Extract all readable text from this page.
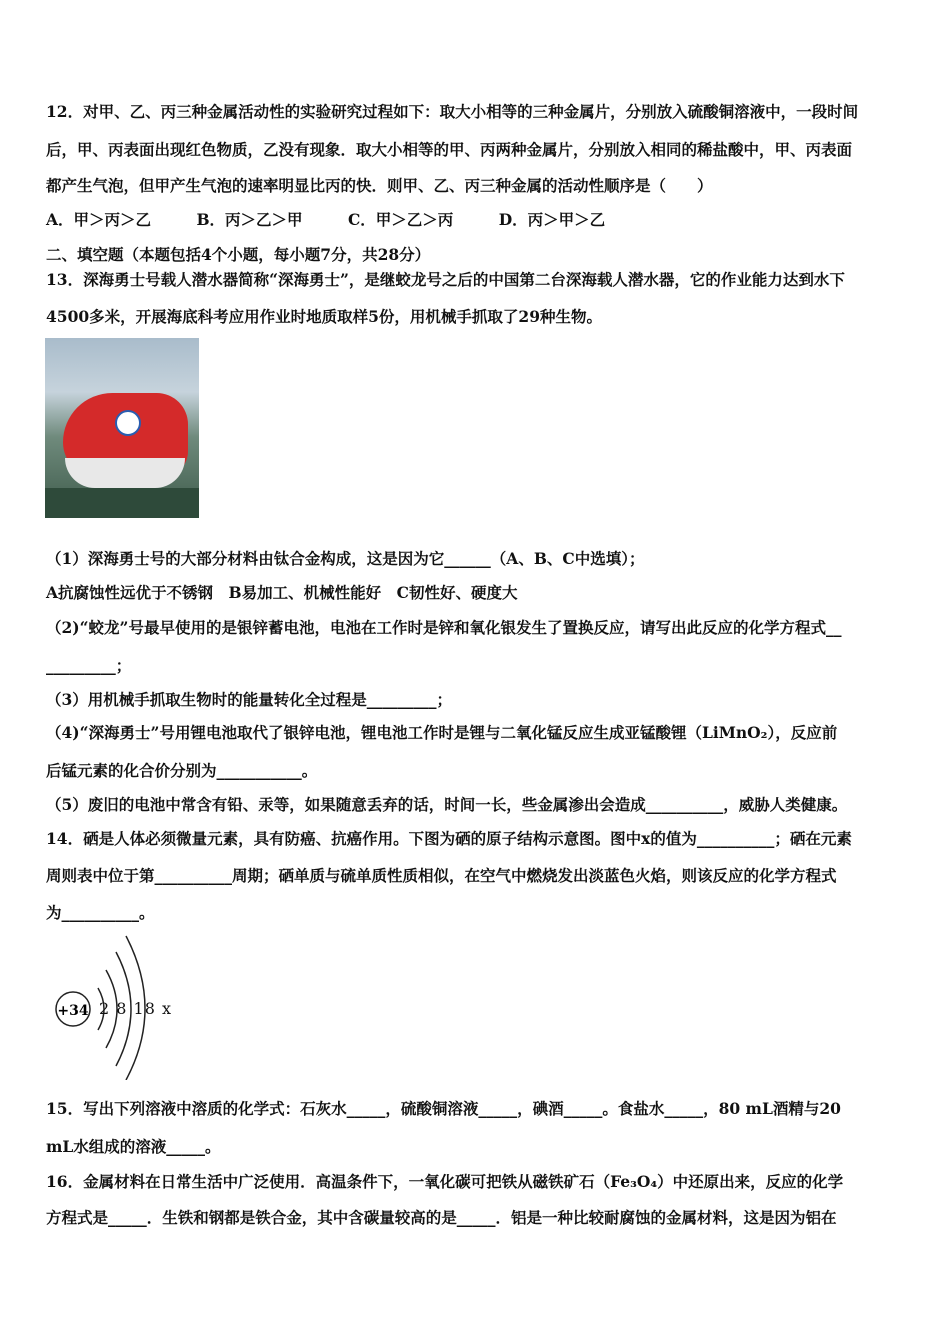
12．对甲、乙、丙三种金属活动性的实验研究过程如下：取大小相等的三种金属片，分别放入硫酸铜溶液中，一段时间
后，甲、丙表面出现红色物质，乙没有现象．取大小相等的甲、丙两种金属片，分别放入相同的稀盐酸中，甲、丙表面
都产生气泡，但甲产生气泡的速率明显比丙的快．则甲、乙、丙三种金属的活动性顺序是（　　）
A．甲＞丙＞乙	B．丙＞乙＞甲	C．甲＞乙＞丙	D．丙＞甲＞乙
二、填空题（本题包括4个小题，每小题7分，共28分）
13．深海勇士号载人潜水器简称“深海勇士”，是继蛟龙号之后的中国第二台深海载人潜水器，它的作业能力达到水下
4500多米，开展海底科考应用作业时地质取样5份，用机械手抓取了29种生物。
（1）深海勇士号的大部分材料由钛合金构成，这是因为它______（A、B、C中选填）；
A抗腐蚀性远优于不锈钢　B易加工、机械性能好　C韧性好、硬度大
（2)“蛟龙”号最早使用的是银锌蓄电池，电池在工作时是锌和氧化银发生了置换反应，请写出此反应的化学方程式__
_________；
（3）用机械手抓取生物时的能量转化全过程是_________；
（4)“深海勇士”号用锂电池取代了银锌电池，锂电池工作时是锂与二氧化锰反应生成亚锰酸锂（LiMnO₂），反应前
后锰元素的化合价分别为___________。
（5）废旧的电池中常含有铅、汞等，如果随意丢弃的话，时间一长，些金属渗出会造成__________，威胁人类健康。
14．硒是人体必须微量元素，具有防癌、抗癌作用。下图为硒的原子结构示意图。图中x的值为__________；硒在元素
周则表中位于第__________周期；硒单质与硫单质性质相似，在空气中燃烧发出淡蓝色火焰，则该反应的化学方程式
为__________。
+34 2 8 18 x
15．写出下列溶液中溶质的化学式：石灰水_____，硫酸铜溶液_____，碘酒_____。食盐水_____，80 mL酒精与20
mL水组成的溶液_____。
16．金属材料在日常生活中广泛使用．高温条件下，一氧化碳可把铁从磁铁矿石（Fe₃O₄）中还原出来，反应的化学
方程式是_____．生铁和钢都是铁合金，其中含碳量较高的是_____．铝是一种比较耐腐蚀的金属材料，这是因为铝在
